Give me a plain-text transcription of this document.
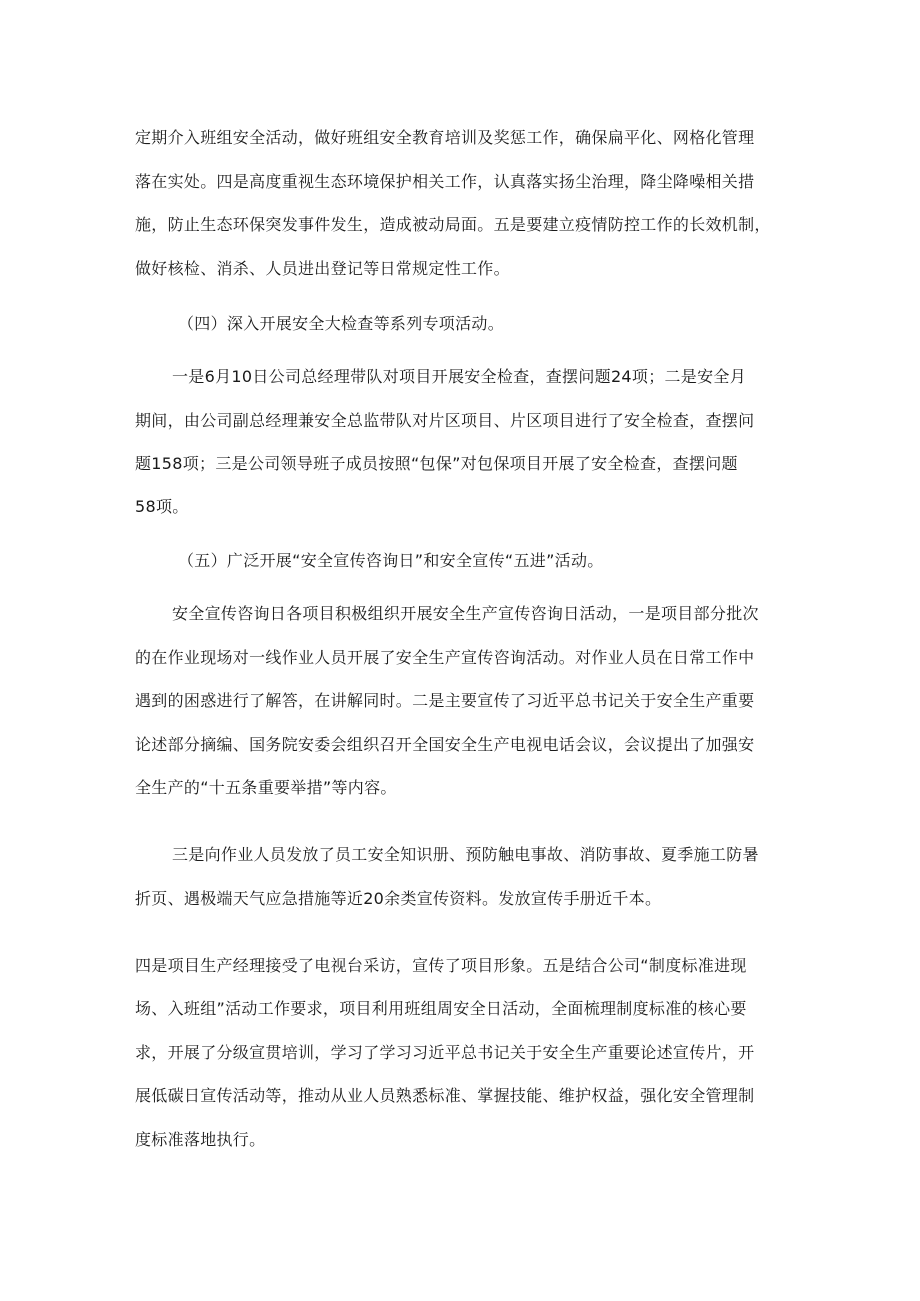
定期介入班组安全活动，做好班组安全教育培训及奖惩工作，确保扁平化、网格化管理
落在实处。四是高度重视生态环境保护相关工作，认真落实扬尘治理，降尘降噪相关措
施，防止生态环保突发事件发生，造成被动局面。五是要建立疫情防控工作的长效机制，
做好核检、消杀、人员进出登记等日常规定性工作。
（四）深入开展安全大检查等系列专项活动。
一是6月10日公司总经理带队对项目开展安全检查，查摆问题24项；二是安全月
期间，由公司副总经理兼安全总监带队对片区项目、片区项目进行了安全检查，查摆问
题158项；三是公司领导班子成员按照“包保”对包保项目开展了安全检查，查摆问题
58项。
（五）广泛开展“安全宣传咨询日”和安全宣传“五进”活动。
安全宣传咨询日各项目积极组织开展安全生产宣传咨询日活动，一是项目部分批次
的在作业现场对一线作业人员开展了安全生产宣传咨询活动。对作业人员在日常工作中
遇到的困惑进行了解答，在讲解同时。二是主要宣传了习近平总书记关于安全生产重要
论述部分摘编、国务院安委会组织召开全国安全生产电视电话会议，会议提出了加强安
全生产的“十五条重要举措”等内容。
三是向作业人员发放了员工安全知识册、预防触电事故、消防事故、夏季施工防暑
折页、遇极端天气应急措施等近20余类宣传资料。发放宣传手册近千本。
四是项目生产经理接受了电视台采访，宣传了项目形象。五是结合公司“制度标准进现
场、入班组”活动工作要求，项目利用班组周安全日活动，全面梳理制度标准的核心要
求，开展了分级宣贯培训，学习了学习习近平总书记关于安全生产重要论述宣传片，开
展低碳日宣传活动等，推动从业人员熟悉标准、掌握技能、维护权益，强化安全管理制
度标准落地执行。
